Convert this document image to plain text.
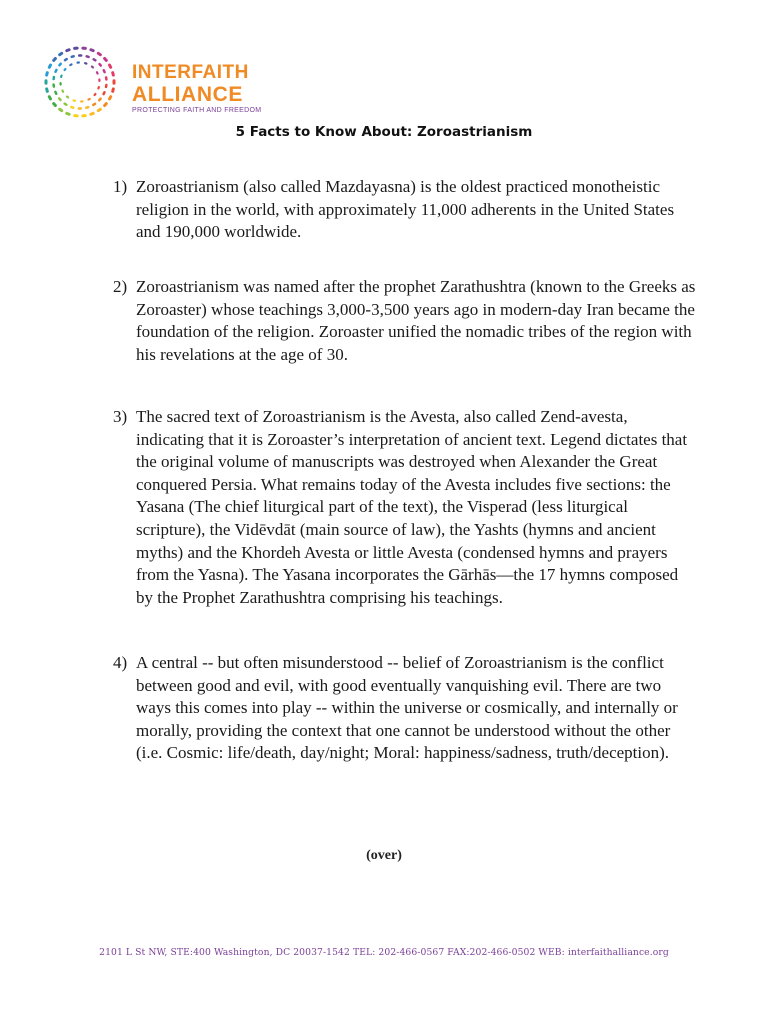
INTERFAITH
ALLIANCE
PROTECTING FAITH AND FREEDOM
5 Facts to Know About: Zoroastrianism
1) Zoroastrianism (also called Mazdayasna) is the oldest practiced monotheistic religion in the world, with approximately 11,000 adherents in the United States and 190,000 worldwide.
2) Zoroastrianism was named after the prophet Zarathushtra (known to the Greeks as Zoroaster) whose teachings 3,000-3,500 years ago in modern-day Iran became the foundation of the religion. Zoroaster unified the nomadic tribes of the region with his revelations at the age of 30.
3) The sacred text of Zoroastrianism is the Avesta, also called Zend-avesta, indicating that it is Zoroaster’s interpretation of ancient text. Legend dictates that the original volume of manuscripts was destroyed when Alexander the Great conquered Persia. What remains today of the Avesta includes five sections: the Yasana (The chief liturgical part of the text), the Visperad (less liturgical scripture), the Vidēvdāt (main source of law), the Yashts (hymns and ancient myths) and the Khordeh Avesta or little Avesta (condensed hymns and prayers from the Yasna). The Yasana incorporates the Gārhās—the 17 hymns composed by the Prophet Zarathushtra comprising his teachings.
4) A central -- but often misunderstood -- belief of Zoroastrianism is the conflict between good and evil, with good eventually vanquishing evil. There are two ways this comes into play -- within the universe or cosmically, and internally or morally, providing the context that one cannot be understood without the other (i.e. Cosmic: life/death, day/night; Moral: happiness/sadness, truth/deception).
(over)
2101 L St NW, STE:400 Washington, DC 20037-1542 TEL: 202-466-0567 FAX:202-466-0502 WEB: interfaithalliance.org
